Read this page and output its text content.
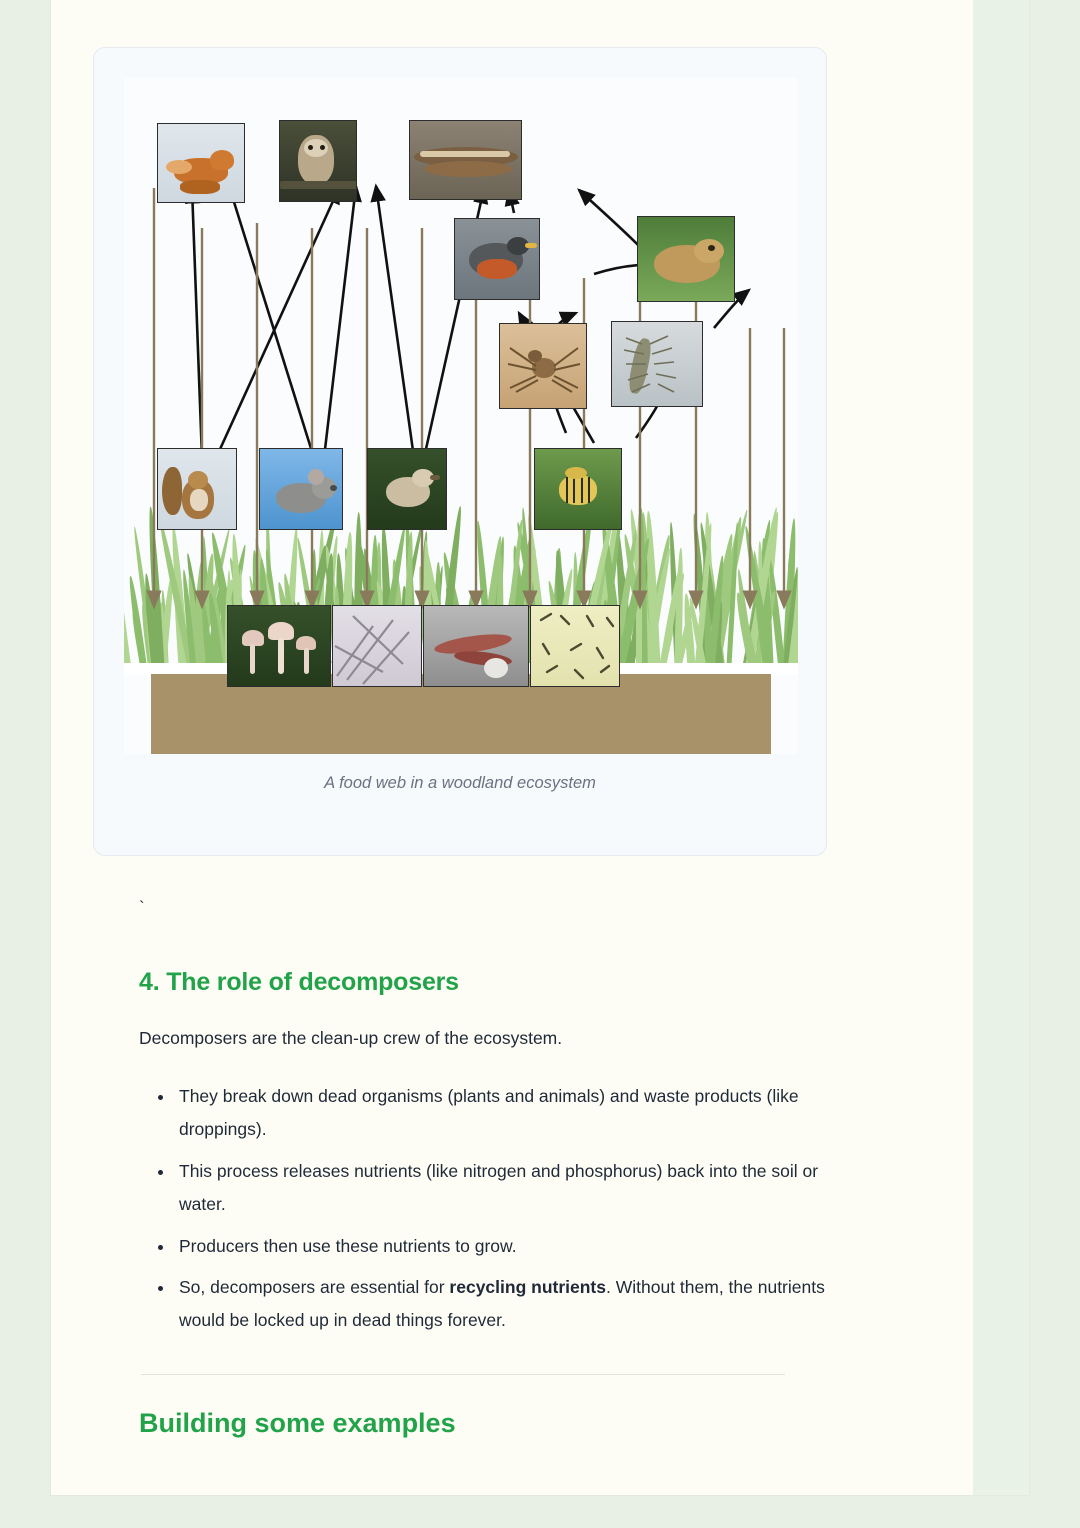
A food web in a woodland ecosystem
`
4. The role of decomposers

Decomposers are the clean-up crew of the ecosystem.

• They break down dead organisms (plants and animals) and waste products (like droppings).
• This process releases nutrients (like nitrogen and phosphorus) back into the soil or water.
• Producers then use these nutrients to grow.
• So, decomposers are essential for recycling nutrients. Without them, the nutrients would be locked up in dead things forever.
Building some examples
